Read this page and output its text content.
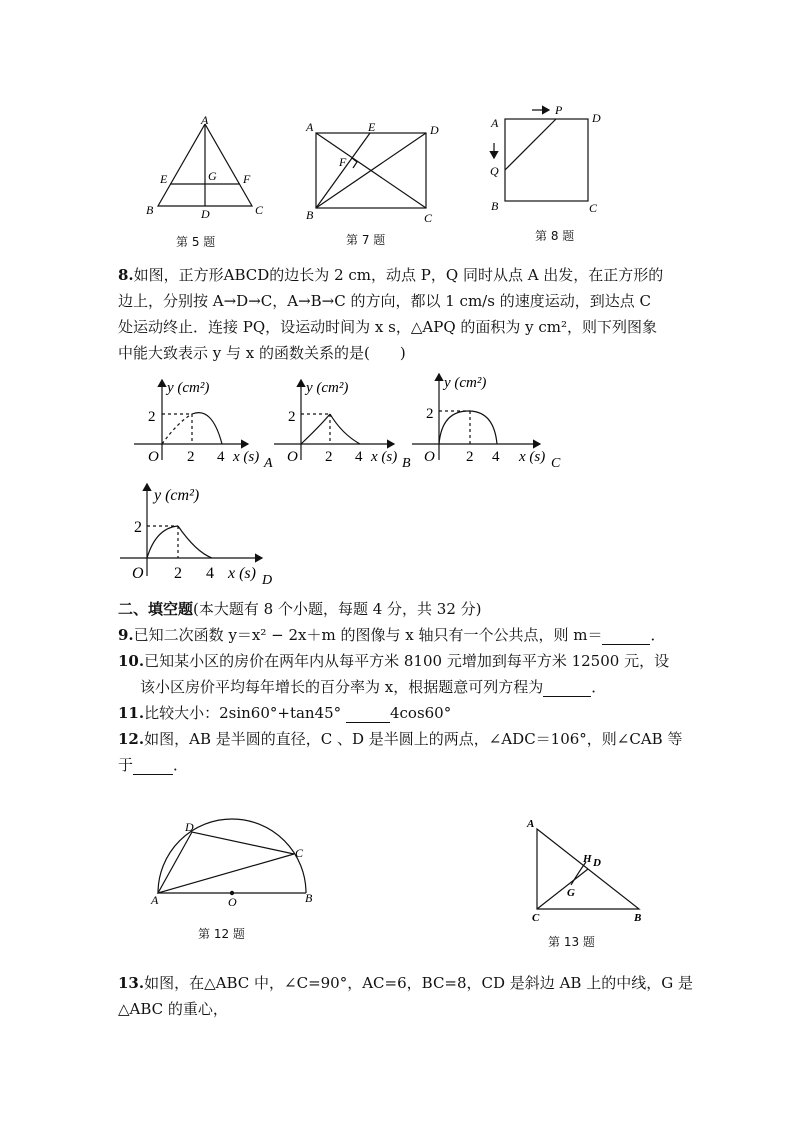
A
B	C
D
E	F
G
第 5 题
A
B	C
D
E
F
第 7 题
A
B	C
D
P
Q
第 8 题
8.如图，正方形ABCD的边长为 2 cm，动点 P，Q 同时从点 A 出发，在正方形的
边上，分别按 A→D→C，A→B→C 的方向，都以 1 cm/s 的速度运动，到达点 C
处运动终止．连接 PQ，设运动时间为 x s，△APQ 的面积为 y cm²，则下列图象
中能大致表示 y 与 x 的函数关系的是(　　)
y (cm²)
2
O 2 4 x (s) A
y (cm²)
2
O 2 4 x (s) B
y (cm²)
2
O 2 4 x (s) C
y (cm²)
2
O 2 4 x (s) D
二、填空题(本大题有 8 个小题，每题 4 分，共 32 分)
9.已知二次函数 y＝x² − 2x＋m 的图像与 x 轴只有一个公共点，则 m＝	．
10.已知某小区的房价在两年内从每平方米 8100 元增加到每平方米 12500 元，设
该小区房价平均每年增长的百分率为 x，根据题意可列方程为	．
11.比较大小：2sin60°+tan45°	4cos60°
12.如图，AB 是半圆的直径，C 、D 是半圆上的两点，∠ADC＝106°，则∠CAB 等
于	．
A	B
C
D
O
第 12 题
A
B
C
D
G
H
第 13 题
13.如图，在△ABC 中，∠C=90°，AC=6，BC=8，CD 是斜边 AB 上的中线，G 是
△ABC 的重心，
